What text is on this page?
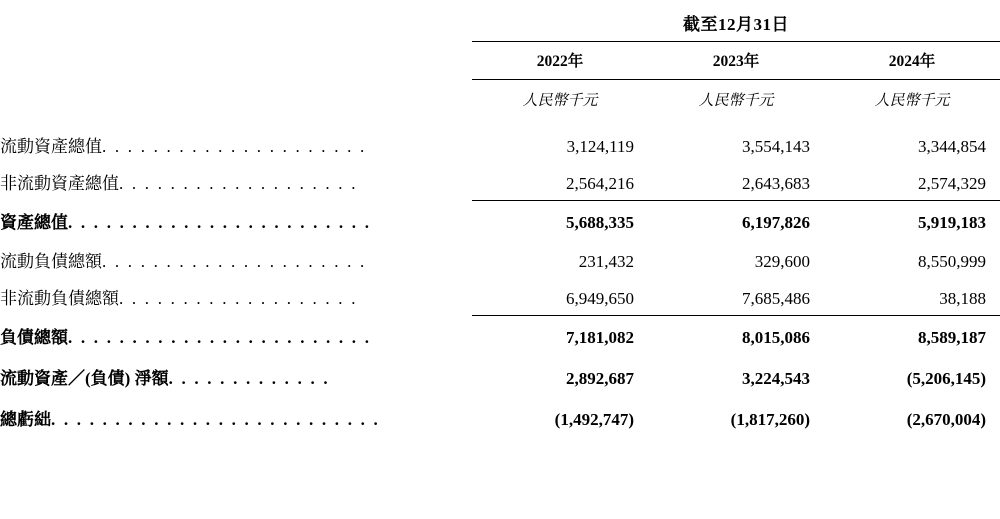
	截至12月31日		

	2022年	2023年	2024年
	人民幣千元	人民幣千元	人民幣千元

流動資產總值. . . . . . . . . . . . . . . . . . . . .	3,124,119	3,554,143	3,344,854
非流動資產總值. . . . . . . . . . . . . . . . . . .	2,564,216	2,643,683	2,574,329
資產總值. . . . . . . . . . . . . . . . . . . . . . . .	5,688,335	6,197,826	5,919,183
流動負債總額. . . . . . . . . . . . . . . . . . . . .	231,432	329,600	8,550,999
非流動負債總額. . . . . . . . . . . . . . . . . . .	6,949,650	7,685,486	38,188
負債總額. . . . . . . . . . . . . . . . . . . . . . . .	7,181,082	8,015,086	8,589,187
流動資產／(負債) 淨額. . . . . . . . . . . . .	2,892,687	3,224,543	(5,206,145)
總虧絀. . . . . . . . . . . . . . . . . . . . . . . . . .	(1,492,747)	(1,817,260)	(2,670,004)
